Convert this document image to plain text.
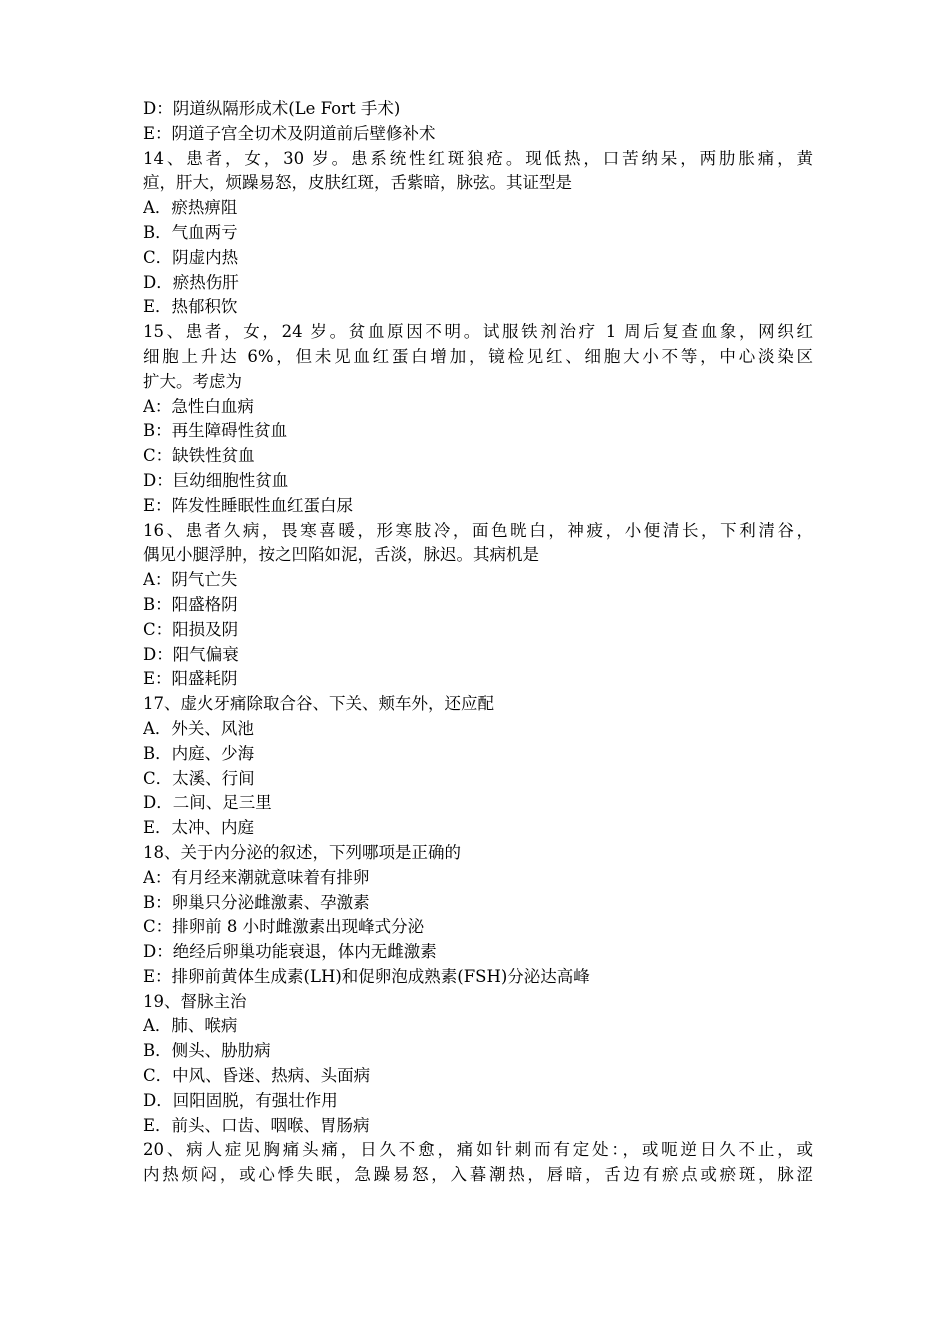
D：阴道纵隔形成术(Le Fort 手术)
E：阴道子宫全切术及阴道前后壁修补术
14、患者，女，30 岁。患系统性红斑狼疮。现低热，口苦纳呆，两肋胀痛，黄
疸，肝大，烦躁易怒，皮肤红斑，舌紫暗，脉弦。其证型是
A．瘀热痹阻
B．气血两亏
C．阴虚内热
D．瘀热伤肝
E．热郁积饮
15、患者，女，24 岁。贫血原因不明。试服铁剂治疗 1 周后复查血象，网织红
细胞上升达 6%，但未见血红蛋白增加，镜检见红、细胞大小不等，中心淡染区
扩大。考虑为
A：急性白血病
B：再生障碍性贫血
C：缺铁性贫血
D：巨幼细胞性贫血
E：阵发性睡眠性血红蛋白尿
16、患者久病，畏寒喜暖，形寒肢冷，面色晄白，神疲，小便清长，下利清谷，
偶见小腿浮肿，按之凹陷如泥，舌淡，脉迟。其病机是
A：阴气亡失
B：阳盛格阴
C：阳损及阴
D：阳气偏衰
E：阳盛耗阴
17、虚火牙痛除取合谷、下关、颊车外，还应配
A．外关、风池
B．内庭、少海
C．太溪、行间
D．二间、足三里
E．太冲、内庭
18、关于内分泌的叙述，下列哪项是正确的
A：有月经来潮就意味着有排卵
B：卵巢只分泌雌激素、孕激素
C：排卵前 8 小时雌激素出现峰式分泌
D：绝经后卵巢功能衰退，体内无雌激素
E：排卵前黄体生成素(LH)和促卵泡成熟素(FSH)分泌达高峰
19、督脉主治
A．肺、喉病
B．侧头、胁肋病
C．中风、昏迷、热病、头面病
D．回阳固脱，有强壮作用
E．前头、口齿、咽喉、胃肠病
20、病人症见胸痛头痛，日久不愈，痛如针刺而有定处：，或呃逆日久不止，或
内热烦闷，或心悸失眠，急躁易怒，入暮潮热，唇暗，舌边有瘀点或瘀斑，脉涩
